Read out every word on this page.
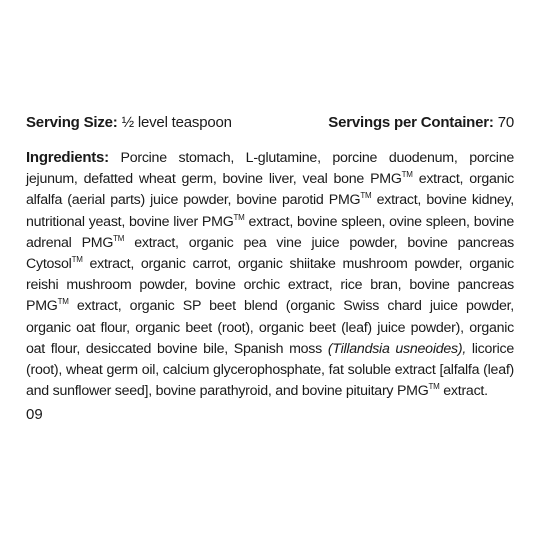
Serving Size: ½ level teaspoon	Servings per Container: 70

Ingredients: Porcine stomach, L-glutamine, porcine duodenum, porcine jejunum, defatted wheat germ, bovine liver, veal bone PMG™ extract, organic alfalfa (aerial parts) juice powder, bovine parotid PMG™ extract, bovine kidney, nutritional yeast, bovine liver PMG™ extract, bovine spleen, ovine spleen, bovine adrenal PMG™ extract, organic pea vine juice powder, bovine pancreas Cytosol™ extract, organic carrot, organic shiitake mushroom powder, organic reishi mushroom powder, bovine orchic extract, rice bran, bovine pancreas PMG™ extract, organic SP beet blend (organic Swiss chard juice powder, organic oat flour, organic beet (root), organic beet (leaf) juice powder), organic oat flour, desiccated bovine bile, Spanish moss (Tillandsia usneoides), licorice (root), wheat germ oil, calcium glycerophosphate, fat soluble extract [alfalfa (leaf) and sunflower seed], bovine parathyroid, and bovine pituitary PMG™ extract.

09
